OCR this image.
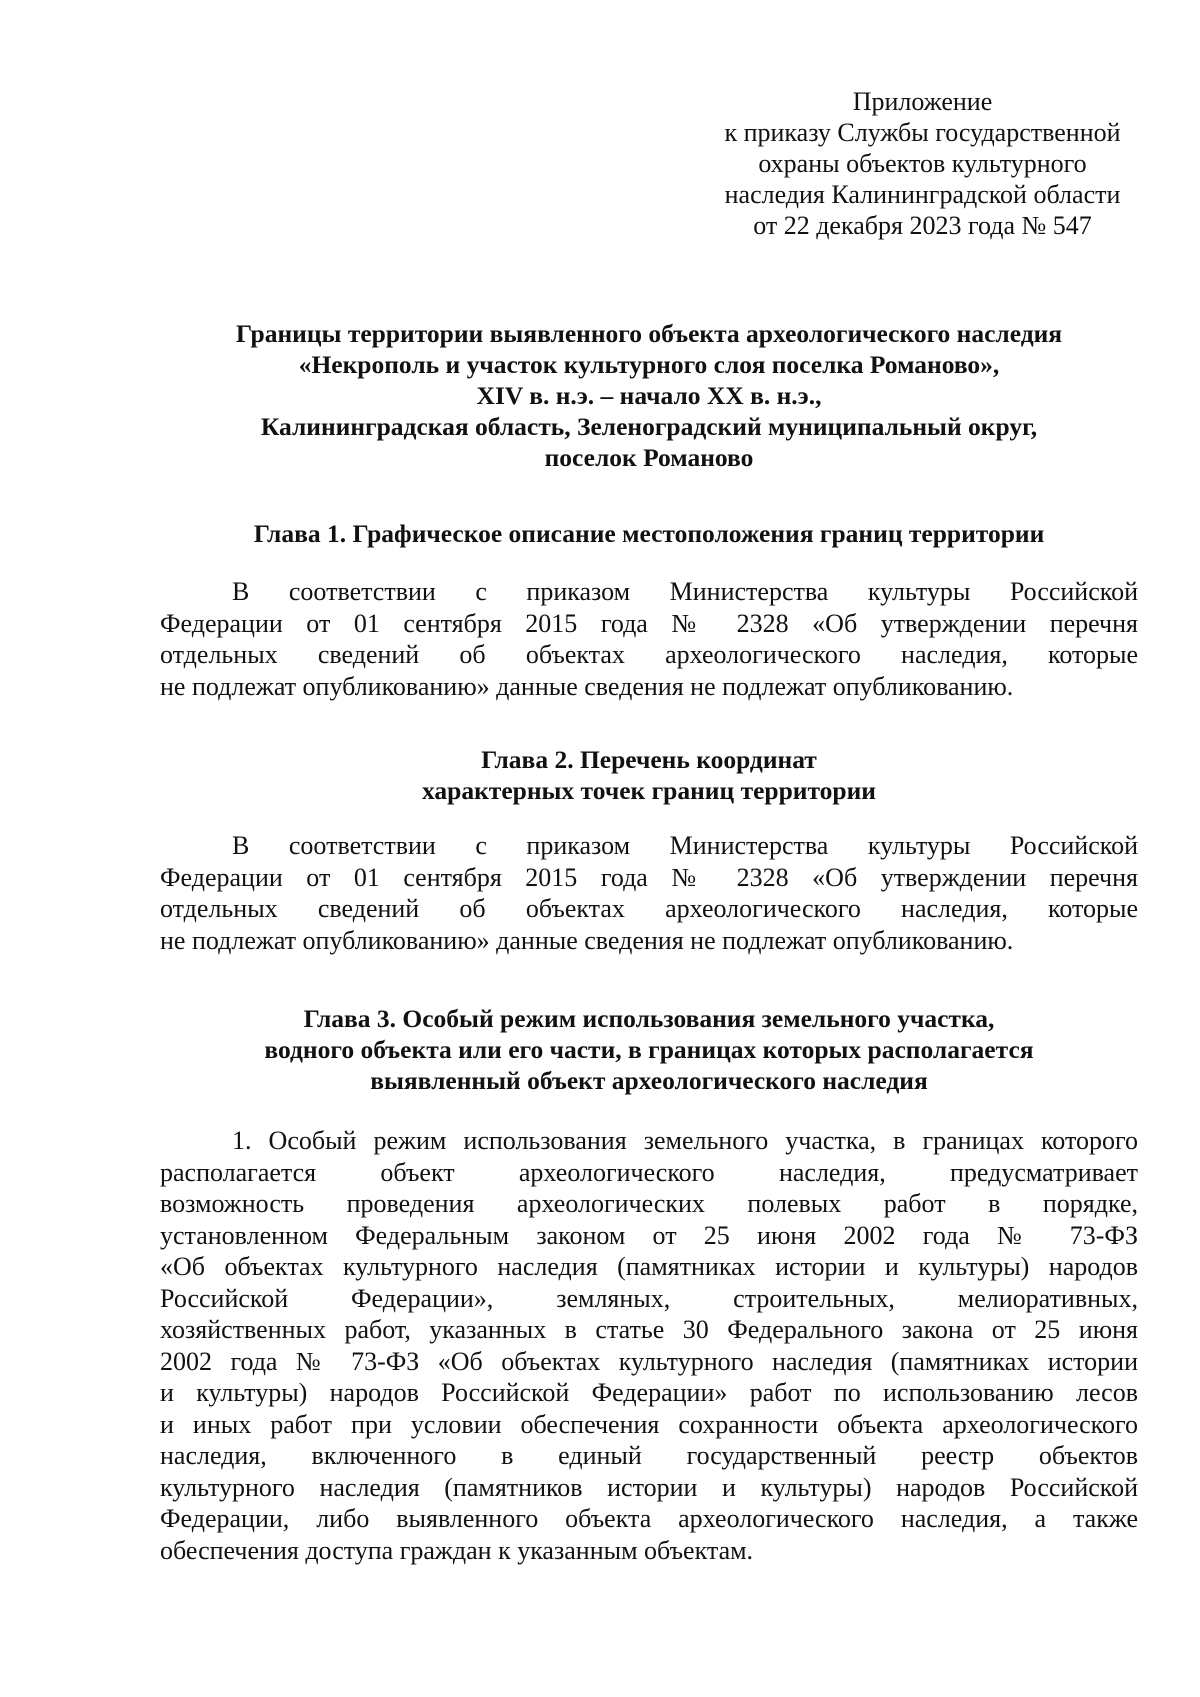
Приложение
к приказу Службы государственной
охраны объектов культурного
наследия Калининградской области
от 22 декабря 2023 года № 547
Границы территории выявленного объекта археологического наследия
«Некрополь и участок культурного слоя поселка Романово»,
XIV в. н.э. – начало XX в. н.э.,
Калининградская область, Зеленоградский муниципальный округ,
поселок Романово
Глава 1. Графическое описание местоположения границ территории
В соответствии с приказом Министерства культуры Российской
Федерации от 01 сентября 2015 года № 2328 «Об утверждении перечня
отдельных сведений об объектах археологического наследия, которые
не подлежат опубликованию» данные сведения не подлежат опубликованию.
Глава 2. Перечень координат
характерных точек границ территории
В соответствии с приказом Министерства культуры Российской
Федерации от 01 сентября 2015 года № 2328 «Об утверждении перечня
отдельных сведений об объектах археологического наследия, которые
не подлежат опубликованию» данные сведения не подлежат опубликованию.
Глава 3. Особый режим использования земельного участка,
водного объекта или его части, в границах которых располагается
выявленный объект археологического наследия
1. Особый режим использования земельного участка, в границах которого
располагается объект археологического наследия, предусматривает
возможность проведения археологических полевых работ в порядке,
установленном Федеральным законом от 25 июня 2002 года № 73-ФЗ
«Об объектах культурного наследия (памятниках истории и культуры) народов
Российской Федерации», земляных, строительных, мелиоративных,
хозяйственных работ, указанных в статье 30 Федерального закона от 25 июня
2002 года № 73-ФЗ «Об объектах культурного наследия (памятниках истории
и культуры) народов Российской Федерации» работ по использованию лесов
и иных работ при условии обеспечения сохранности объекта археологического
наследия, включенного в единый государственный реестр объектов
культурного наследия (памятников истории и культуры) народов Российской
Федерации, либо выявленного объекта археологического наследия, а также
обеспечения доступа граждан к указанным объектам.
